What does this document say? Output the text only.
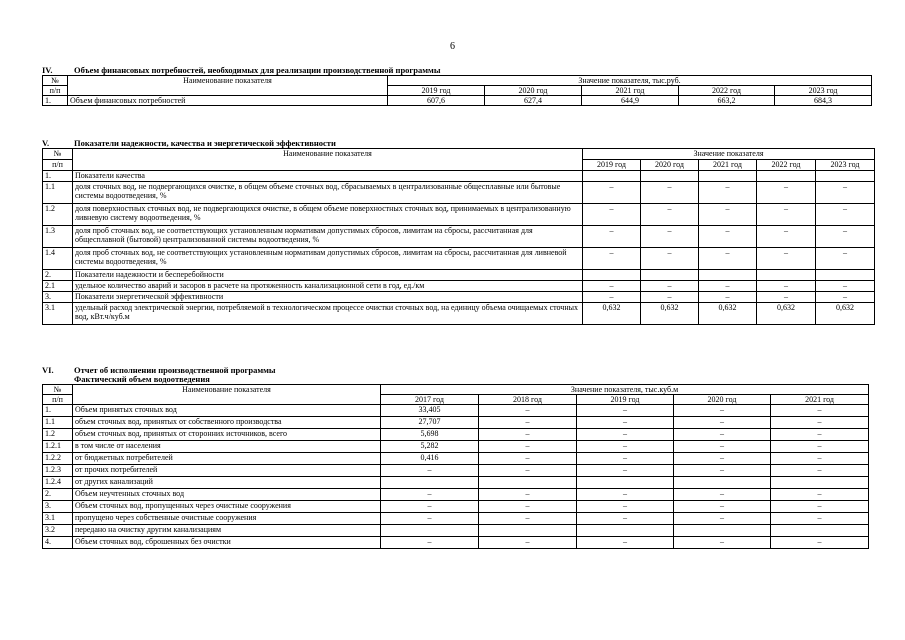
6
IV.	Объем финансовых потребностей, необходимых для реализации производственной программы
№	Наименование показателя	Значение показателя, тыс.руб.				
п/п		2019 год	2020 год	2021 год	2022 год	2023 год
1.	Объем финансовых потребностей	607,6	627,4	644,9	663,2	684,3
V.	Показатели надежности, качества и энергетической эффективности
№	Наименование показателя	Значение показателя				
п/п		2019 год	2020 год	2021 год	2022 год	2023 год
1.	Показатели качества					
1.1	доля сточных вод, не подвергающихся очистке, в общем объеме сточных вод, сбрасываемых в централизованные общесплавные или бытовые системы водоотведения, %	–	–	–	–	–
1.2	доля поверхностных сточных вод, не подвергающихся очистке, в общем объеме поверхностных сточных вод, принимаемых в централизованную ливневую систему водоотведения, %	–	–	–	–	–
1.3	доля проб сточных вод, не соответствующих установленным нормативам допустимых сбросов, лимитам на сбросы, рассчитанная для общесплавной (бытовой) централизованной системы водоотведения, %	–	–	–	–	–
1.4	доля проб сточных вод, не соответствующих установленным нормативам допустимых сбросов, лимитам на сбросы, рассчитанная для ливневой системы водоотведения, %	–	–	–	–	–
2.	Показатели надежности и бесперебойности					
2.1	удельное количество аварий и засоров в расчете на протяженность канализационной сети в год, ед./км	–	–	–	–	–
3.	Показатели энергетической эффективности	–	–	–	–	–
3.1	удельный расход электрической энергии, потребляемой в технологическом процессе очистки сточных вод, на единицу объема очищаемых сточных вод, кВт.ч/куб.м	0,632	0,632	0,632	0,632	0,632
VI. Отчет об исполнении производственной программы
Фактический объем водоотведения
№	Наименование показателя	Значение показателя, тыс.куб.м				
п/п		2017 год	2018 год	2019 год	2020 год	2021 год
1.	Объем принятых сточных вод	33,405	–	–	–	–
1.1	объем сточных вод, принятых от собственного производства	27,707	–	–	–	–
1.2	объем сточных вод, принятых от сторонних источников, всего	5,698	–	–	–	–
1.2.1	в том числе от населения	5,282	–	–	–	–
1.2.2	от бюджетных потребителей	0,416	–	–	–	–
1.2.3	от прочих потребителей	–	–	–	–	–
1.2.4	от других канализаций					
2.	Объем неучтенных сточных вод	–	–	–	–	–
3.	Объем сточных вод, пропущенных через очистные сооружения	–	–	–	–	–
3.1	пропущено через собственные очистные сооружения	–	–	–	–	–
3.2	передано на очистку другим канализациям					
4.	Объем сточных вод, сброшенных без очистки	–	–	–	–	–
